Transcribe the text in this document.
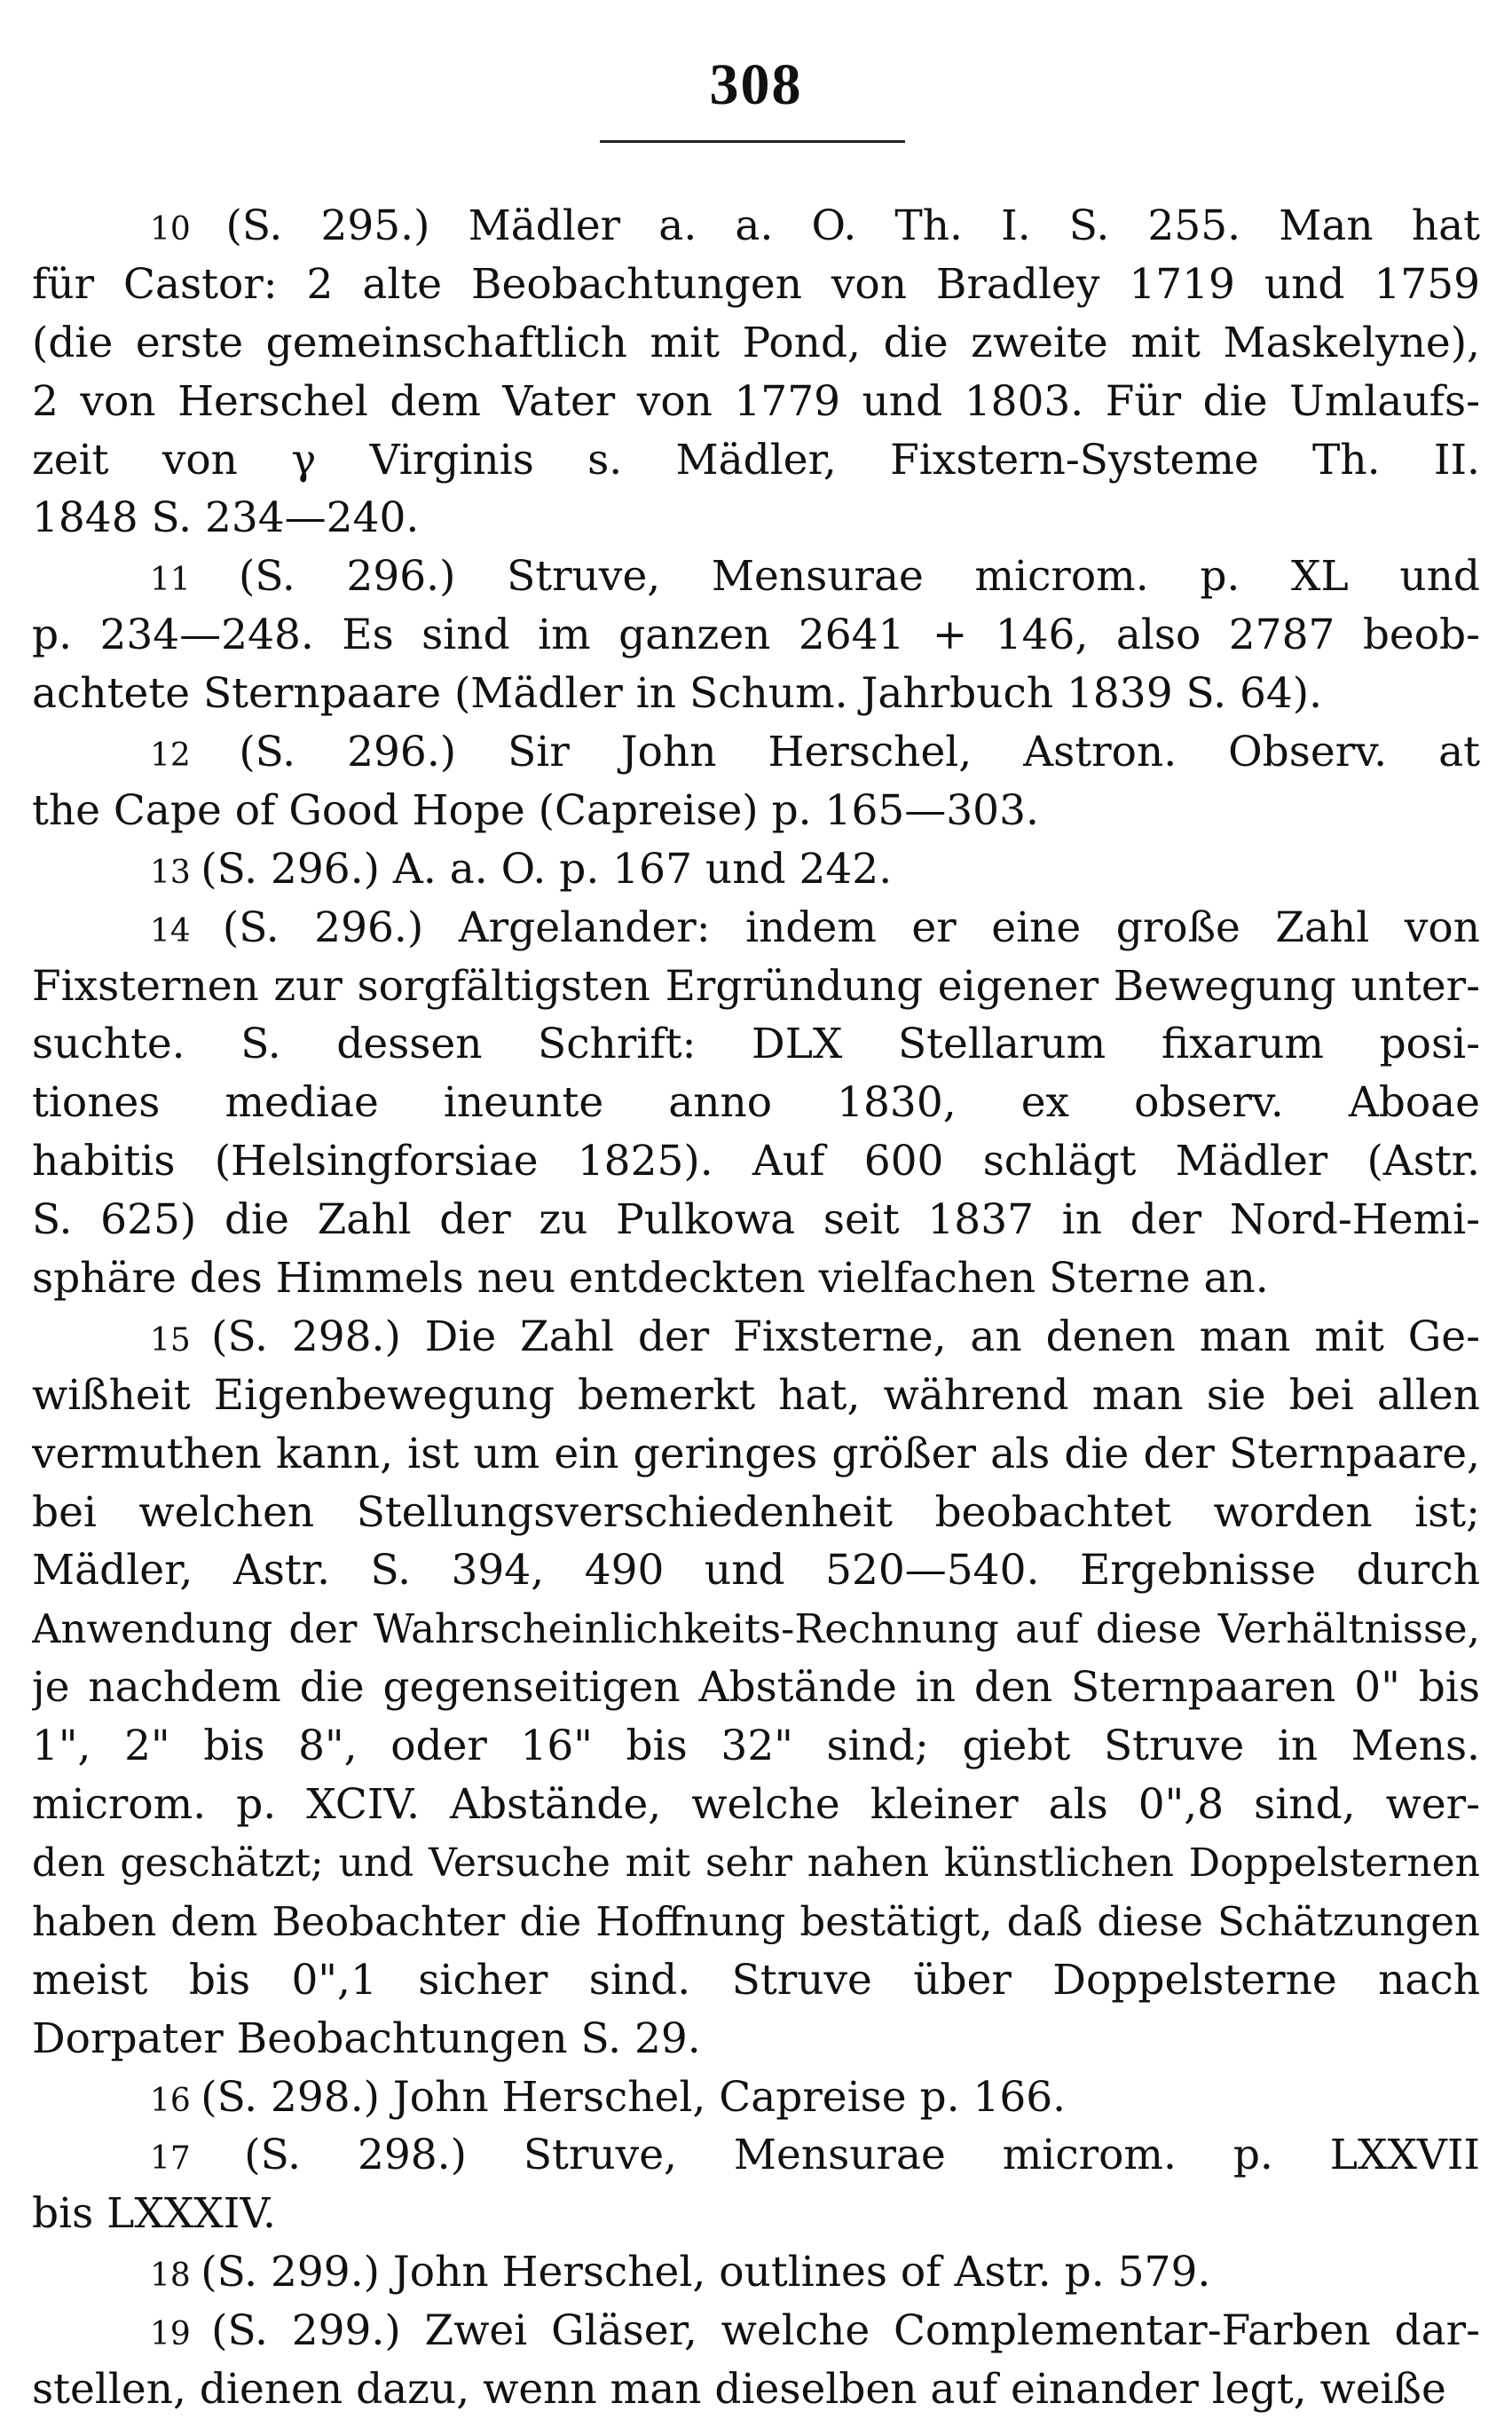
308
10 (S. 295.) Mädler a. a. O. Th. I. S. 255. Man hat
für Castor: 2 alte Beobachtungen von Bradley 1719 und 1759
(die erste gemeinschaftlich mit Pond, die zweite mit Maskelyne),
2 von Herschel dem Vater von 1779 und 1803. Für die Umlaufs-
zeit von γ Virginis s. Mädler, Fixstern-Systeme Th. II.
1848 S. 234—240.
11 (S. 296.) Struve, Mensurae microm. p. XL und
p. 234—248. Es sind im ganzen 2641 + 146, also 2787 beob-
achtete Sternpaare (Mädler in Schum. Jahrbuch 1839 S. 64).
12 (S. 296.) Sir John Herschel, Astron. Observ. at
the Cape of Good Hope (Capreise) p. 165—303.
13 (S. 296.) A. a. O. p. 167 und 242.
14 (S. 296.) Argelander: indem er eine große Zahl von
Fixsternen zur sorgfältigsten Ergründung eigener Bewegung unter-
suchte. S. dessen Schrift: DLX Stellarum fixarum posi-
tiones mediae ineunte anno 1830, ex observ. Aboae
habitis (Helsingforsiae 1825). Auf 600 schlägt Mädler (Astr.
S. 625) die Zahl der zu Pulkowa seit 1837 in der Nord-Hemi-
sphäre des Himmels neu entdeckten vielfachen Sterne an.
15 (S. 298.) Die Zahl der Fixsterne, an denen man mit Ge-
wißheit Eigenbewegung bemerkt hat, während man sie bei allen
vermuthen kann, ist um ein geringes größer als die der Sternpaare,
bei welchen Stellungsverschiedenheit beobachtet worden ist;
Mädler, Astr. S. 394, 490 und 520—540. Ergebnisse durch
Anwendung der Wahrscheinlichkeits-Rechnung auf diese Verhältnisse,
je nachdem die gegenseitigen Abstände in den Sternpaaren 0" bis
1", 2" bis 8", oder 16" bis 32" sind; giebt Struve in Mens.
microm. p. XCIV. Abstände, welche kleiner als 0",8 sind, wer-
den geschätzt; und Versuche mit sehr nahen künstlichen Doppelsternen
haben dem Beobachter die Hoffnung bestätigt, daß diese Schätzungen
meist bis 0",1 sicher sind. Struve über Doppelsterne nach
Dorpater Beobachtungen S. 29.
16 (S. 298.) John Herschel, Capreise p. 166.
17 (S. 298.) Struve, Mensurae microm. p. LXXVII
bis LXXXIV.
18 (S. 299.) John Herschel, outlines of Astr. p. 579.
19 (S. 299.) Zwei Gläser, welche Complementar-Farben dar-
stellen, dienen dazu, wenn man dieselben auf einander legt, weiße
